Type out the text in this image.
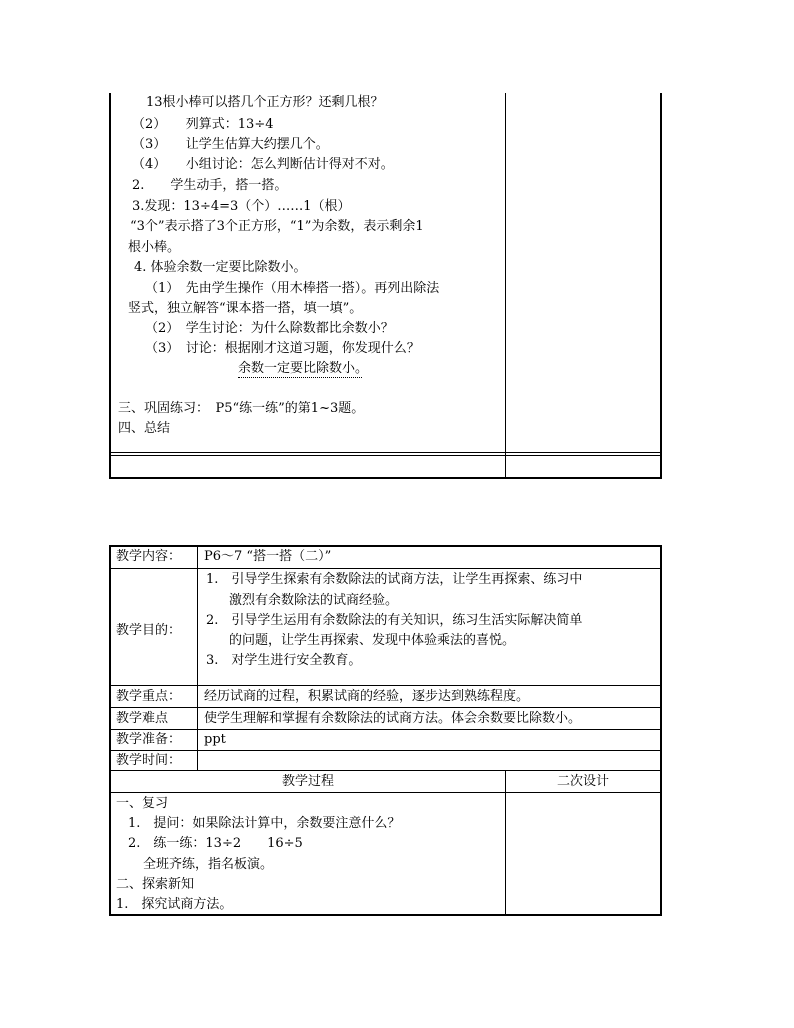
13根小棒可以搭几个正方形？还剩几根？
（2）　　列算式：13÷4
（3）　　让学生估算大约摆几个。
（4）　　小组讨论：怎么判断估计得对不对。
2.　　学生动手，搭一搭。
3.发现：13÷4=3（个）……1（根）
“3个”表示搭了3个正方形，“1”为余数，表示剩余1
根小棒。
4. 体验余数一定要比除数小。
（1）　先由学生操作（用木棒搭一搭）。再列出除法
竖式，独立解答“课本搭一搭，填一填”。
（2）　学生讨论：为什么除数都比余数小？
（3）　讨论：根据刚才这道习题，你发现什么？
余数一定要比除数小。
三、巩固练习：　P5“练一练”的第1~3题。
四、总结
教学内容： P6～7 “搭一搭（二）”
教学目的：
1.　引导学生探索有余数除法的试商方法，让学生再探索、练习中
激烈有余数除法的试商经验。
2.　引导学生运用有余数除法的有关知识，练习生活实际解决简单
的问题，让学生再探索、发现中体验乘法的喜悦。
3.　对学生进行安全教育。
教学重点： 经历试商的过程，积累试商的经验，逐步达到熟练程度。
教学难点	使学生理解和掌握有余数除法的试商方法。体会余数要比除数小。
教学准备： ppt
教学时间：
教学过程	二次设计
一、复习
1.　提问：如果除法计算中，余数要注意什么？
2.　练一练：13÷2　　16÷5
全班齐练，指名板演。
二、探索新知
1.　探究试商方法。
